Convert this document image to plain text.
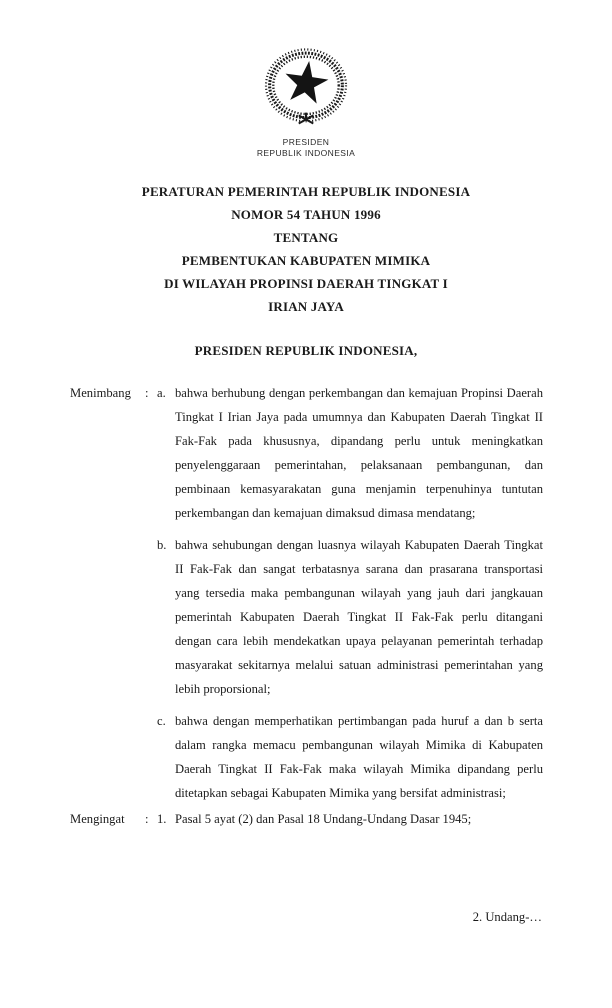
PRESIDEN
REPUBLIK INDONESIA
PERATURAN PEMERINTAH REPUBLIK INDONESIA
NOMOR 54 TAHUN 1996
TENTANG
PEMBENTUKAN KABUPATEN MIMIKA
DI WILAYAH PROPINSI DAERAH TINGKAT I
IRIAN JAYA
PRESIDEN REPUBLIK INDONESIA,
Menimbang	: a. bahwa berhubung dengan perkembangan dan kemajuan Propinsi Daerah Tingkat I Irian Jaya pada umumnya dan Kabupaten Daerah Tingkat II Fak-Fak pada khususnya, dipandang perlu untuk meningkatkan penyelenggaraan pemerintahan, pelaksanaan pembangunan, dan pembinaan kemasyarakatan guna menjamin terpenuhinya tuntutan perkembangan dan kemajuan dimaksud dimasa mendatang;
b. bahwa sehubungan dengan luasnya wilayah Kabupaten Daerah Tingkat II Fak-Fak dan sangat terbatasnya sarana dan prasarana transportasi yang tersedia maka pembangunan wilayah yang jauh dari jangkauan pemerintah Kabupaten Daerah Tingkat II Fak-Fak perlu ditangani dengan cara lebih mendekatkan upaya pelayanan pemerintah terhadap masyarakat sekitarnya melalui satuan administrasi pemerintahan yang lebih proporsional;
c. bahwa dengan memperhatikan pertimbangan pada huruf a dan b serta dalam rangka memacu pembangunan wilayah Mimika di Kabupaten Daerah Tingkat II Fak-Fak maka wilayah Mimika dipandang perlu ditetapkan sebagai Kabupaten Mimika yang bersifat administrasi;
Mengingat	: 1. Pasal 5 ayat (2) dan Pasal 18 Undang-Undang Dasar 1945;
2. Undang-…
